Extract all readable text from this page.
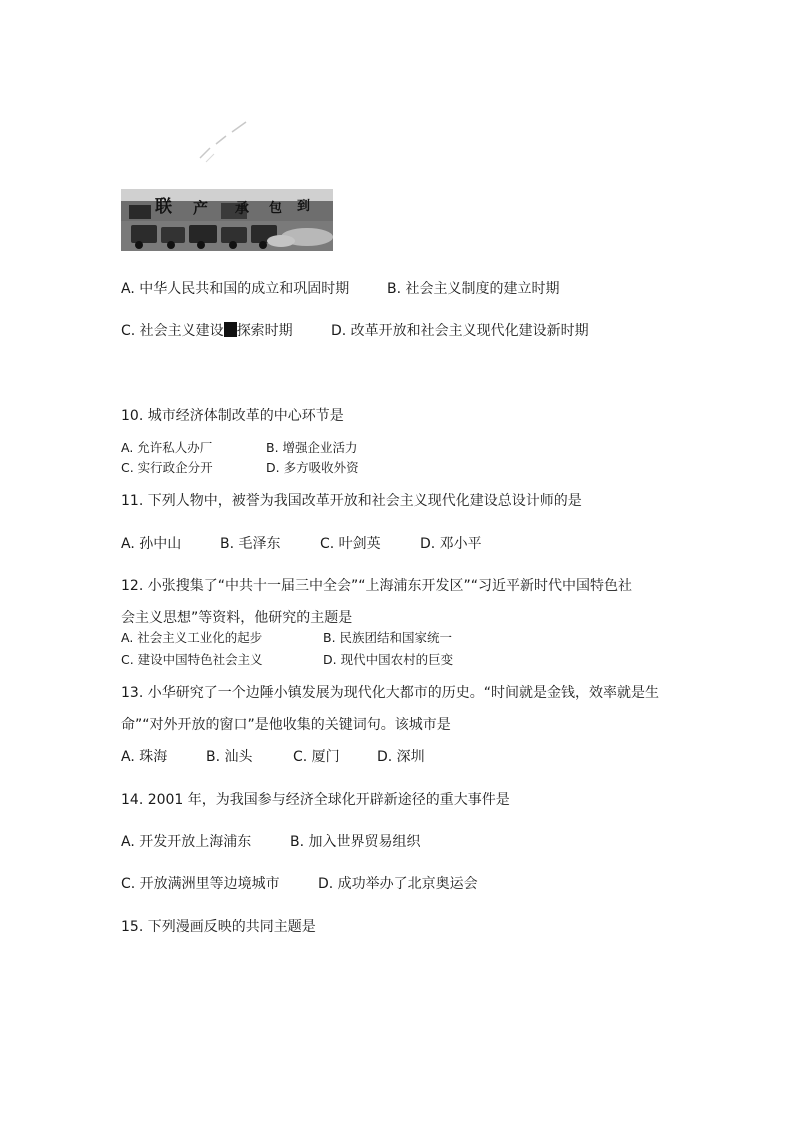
联 产 承 包 到
A. 中华人民共和国的成立和巩固时期	B. 社会主义制度的建立时期
C. 社会主义建设 探索时期	D. 改革开放和社会主义现代化建设新时期
10. 城市经济体制改革的中心环节是
A. 允许私人办厂	B. 增强企业活力
C. 实行政企分开	D. 多方吸收外资
11. 下列人物中，被誉为我国改革开放和社会主义现代化建设总设计师的是
A. 孙中山	B. 毛泽东	C. 叶剑英	D. 邓小平
12. 小张搜集了“中共十一届三中全会”“上海浦东开发区”“习近平新时代中国特色社
会主义思想”等资料，他研究的主题是
A. 社会主义工业化的起步	B. 民族团结和国家统一
C. 建设中国特色社会主义	D. 现代中国农村的巨变
13. 小华研究了一个边陲小镇发展为现代化大都市的历史。“时间就是金钱，效率就是生
命”“对外开放的窗口”是他收集的关键词句。该城市是
A. 珠海	B. 汕头	C. 厦门	D. 深圳
14. 2001 年，为我国参与经济全球化开辟新途径的重大事件是
A. 开发开放上海浦东	B. 加入世界贸易组织
C. 开放满洲里等边境城市	D. 成功举办了北京奥运会
15. 下列漫画反映的共同主题是
